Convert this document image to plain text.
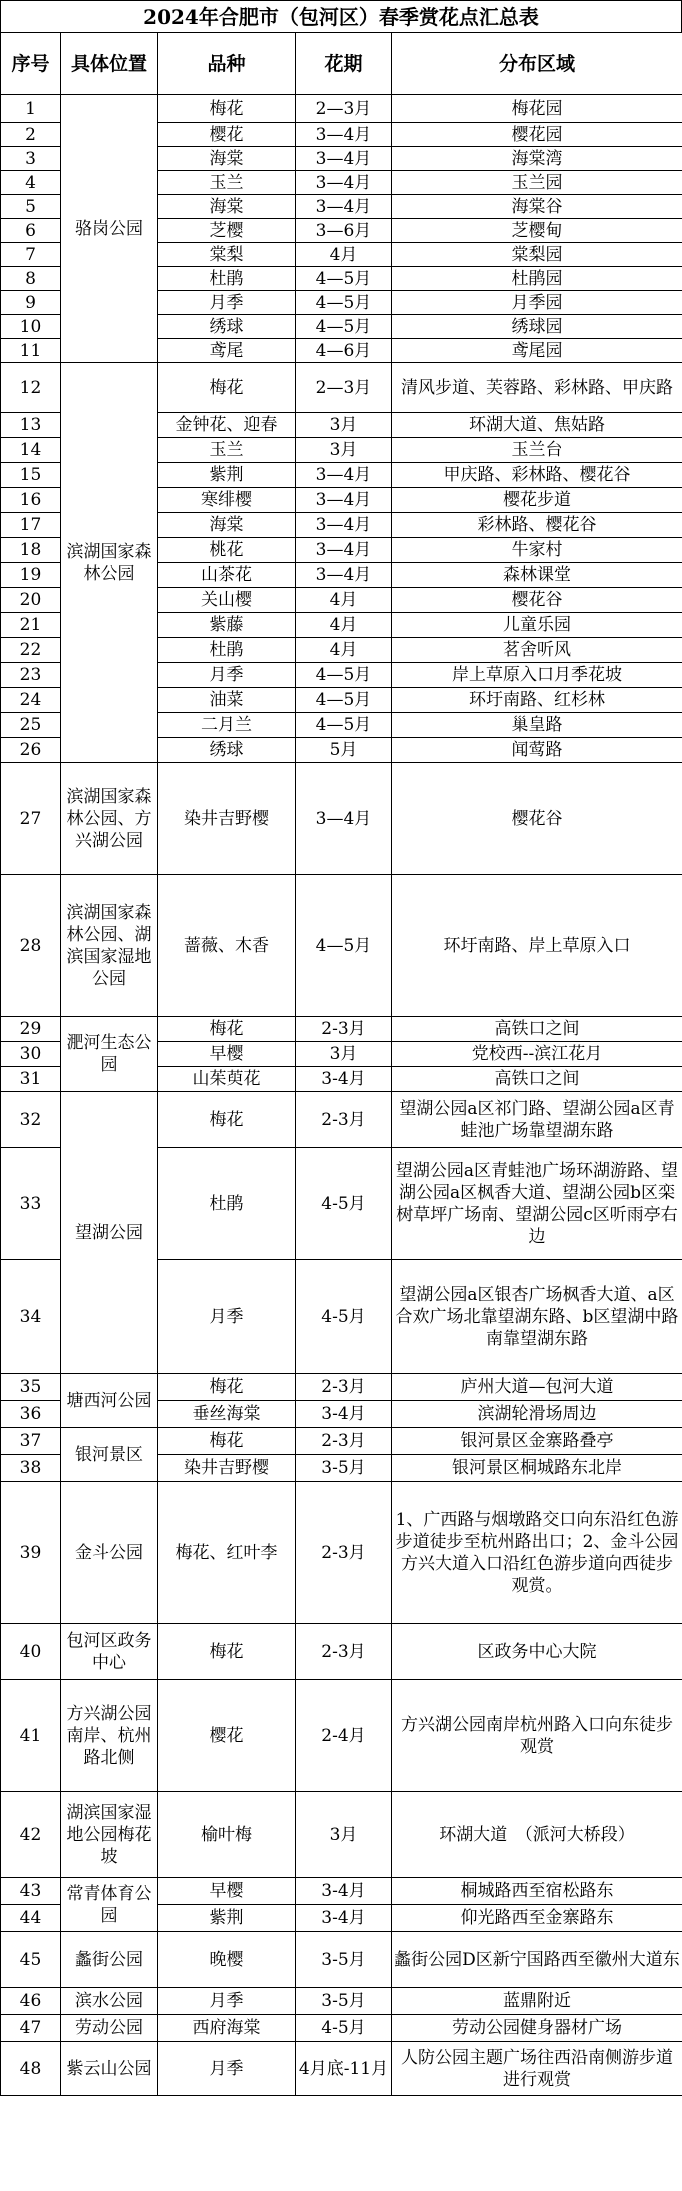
2024年合肥市（包河区）春季赏花点汇总表
序号	具体位置	品种	花期	分布区域
1	骆岗公园	梅花	2—3月	梅花园
2		樱花	3—4月	樱花园
3		海棠	3—4月	海棠湾
4		玉兰	3—4月	玉兰园
5		海棠	3—4月	海棠谷
6		芝樱	3—6月	芝樱甸
7		棠梨	4月	棠梨园
8		杜鹃	4—5月	杜鹃园
9		月季	4—5月	月季园
10		绣球	4—5月	绣球园
11		鸢尾	4—6月	鸢尾园
12	滨湖国家森林公园	梅花	2—3月	清风步道、芙蓉路、彩林路、甲庆路
13		金钟花、迎春	3月	环湖大道、焦姑路
14		玉兰	3月	玉兰台
15		紫荆	3—4月	甲庆路、彩林路、樱花谷
16		寒绯樱	3—4月	樱花步道
17		海棠	3—4月	彩林路、樱花谷
18		桃花	3—4月	牛家村
19		山茶花	3—4月	森林课堂
20		关山樱	4月	樱花谷
21		紫藤	4月	儿童乐园
22		杜鹃	4月	茗舍听风
23		月季	4—5月	岸上草原入口月季花坡
24		油菜	4—5月	环圩南路、红杉林
25		二月兰	4—5月	巢皇路
26		绣球	5月	闻莺路
27	滨湖国家森林公园、方兴湖公园	染井吉野樱	3—4月	樱花谷
28	滨湖国家森林公园、湖滨国家湿地公园	蔷薇、木香	4—5月	环圩南路、岸上草原入口
29	淝河生态公园	梅花	2-3月	高铁口之间
30		早樱	3月	党校西--滨江花月
31		山茱萸花	3-4月	高铁口之间
32	望湖公园	梅花	2-3月	望湖公园a区祁门路、望湖公园a区青蛙池广场靠望湖东路
33		杜鹃	4-5月	望湖公园a区青蛙池广场环湖游路、望湖公园a区枫香大道、望湖公园b区栾树草坪广场南、望湖公园c区听雨亭右边
34		月季	4-5月	望湖公园a区银杏广场枫香大道、a区合欢广场北靠望湖东路、b区望湖中路南靠望湖东路
35	塘西河公园	梅花	2-3月	庐州大道—包河大道
36		垂丝海棠	3-4月	滨湖轮滑场周边
37	银河景区	梅花	2-3月	银河景区金寨路叠亭
38		染井吉野樱	3-5月	银河景区桐城路东北岸
39	金斗公园	梅花、红叶李	2-3月	1、广西路与烟墩路交口向东沿红色游步道徒步至杭州路出口；2、金斗公园方兴大道入口沿红色游步道向西徒步观赏。
40	包河区政务中心	梅花	2-3月	区政务中心大院
41	方兴湖公园南岸、杭州路北侧	樱花	2-4月	方兴湖公园南岸杭州路入口向东徒步观赏
42	湖滨国家湿地公园梅花坡	榆叶梅	3月	环湖大道　（派河大桥段）
43	常青体育公园	早樱	3-4月	桐城路西至宿松路东
44		紫荆	3-4月	仰光路西至金寨路东
45	蠡街公园	晚樱	3-5月	蠡街公园D区新宁国路西至徽州大道东
46	滨水公园	月季	3-5月	蓝鼎附近
47	劳动公园	西府海棠	4-5月	劳动公园健身器材广场
48	紫云山公园	月季	4月底-11月	人防公园主题广场往西沿南侧游步道进行观赏
